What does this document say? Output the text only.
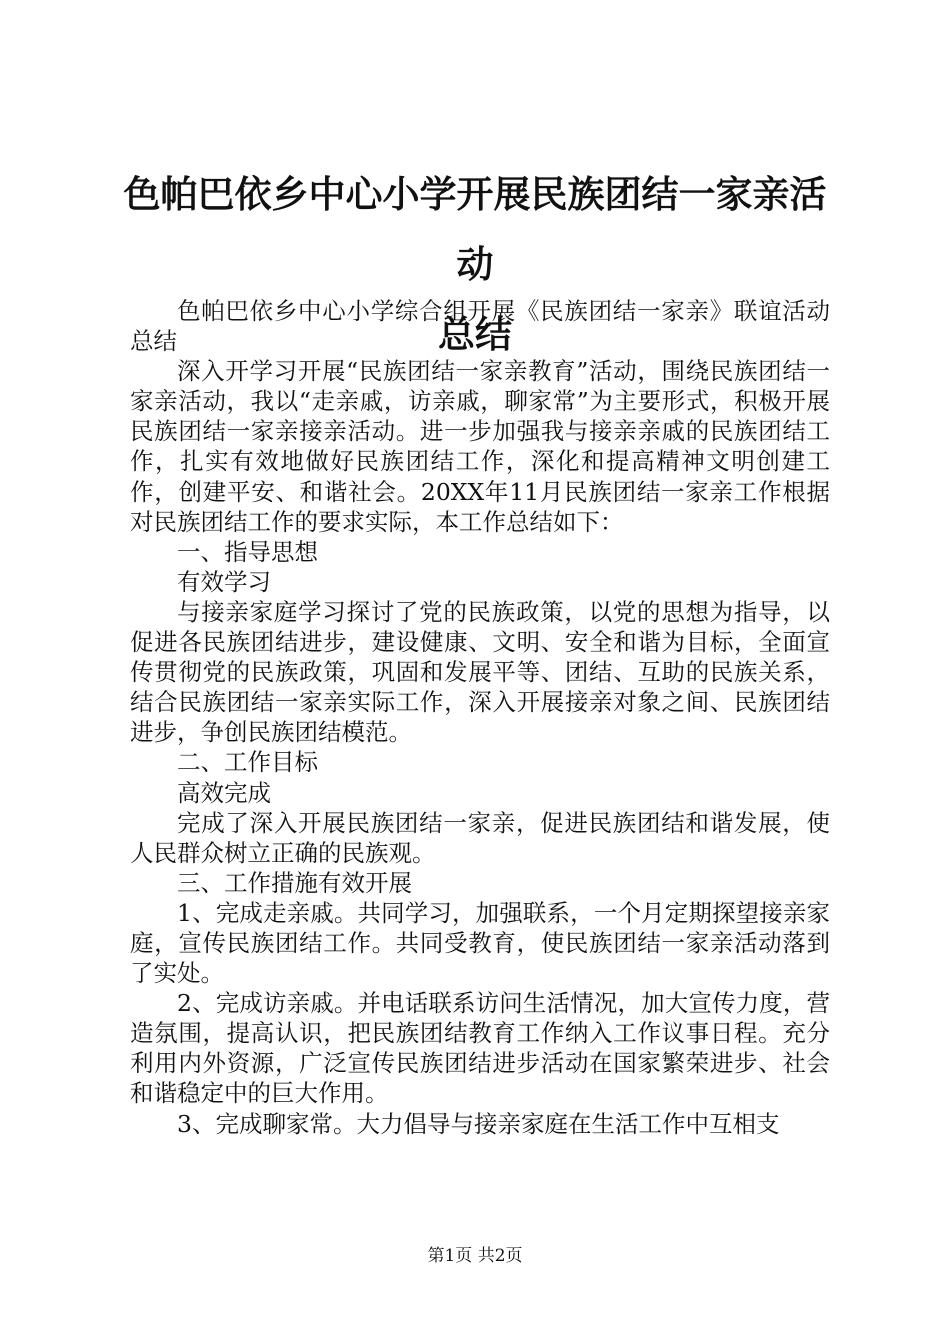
色帕巴依乡中心小学开展民族团结一家亲活动
总结

色帕巴依乡中心小学综合组开展《民族团结一家亲》联谊活动总结

深入开学习开展“民族团结一家亲教育”活动，围绕民族团结一家亲活动，我以“走亲戚，访亲戚，聊家常”为主要形式，积极开展民族团结一家亲接亲活动。进一步加强我与接亲亲戚的民族团结工作，扎实有效地做好民族团结工作，深化和提高精神文明创建工作，创建平安、和谐社会。20XX年11月民族团结一家亲工作根据对民族团结工作的要求实际，本工作总结如下：

一、指导思想

有效学习

与接亲家庭学习探讨了党的民族政策，以党的思想为指导，以促进各民族团结进步，建设健康、文明、安全和谐为目标，全面宣传贯彻党的民族政策，巩固和发展平等、团结、互助的民族关系，结合民族团结一家亲实际工作，深入开展接亲对象之间、民族团结进步，争创民族团结模范。

二、工作目标

高效完成

完成了深入开展民族团结一家亲，促进民族团结和谐发展，使人民群众树立正确的民族观。

三、工作措施有效开展

1、完成走亲戚。共同学习，加强联系，一个月定期探望接亲家庭，宣传民族团结工作。共同受教育，使民族团结一家亲活动落到了实处。

2、完成访亲戚。并电话联系访问生活情况，加大宣传力度，营造氛围，提高认识，把民族团结教育工作纳入工作议事日程。充分利用内外资源，广泛宣传民族团结进步活动在国家繁荣进步、社会和谐稳定中的巨大作用。

3、完成聊家常。大力倡导与接亲家庭在生活工作中互相支

第1页 共2页
